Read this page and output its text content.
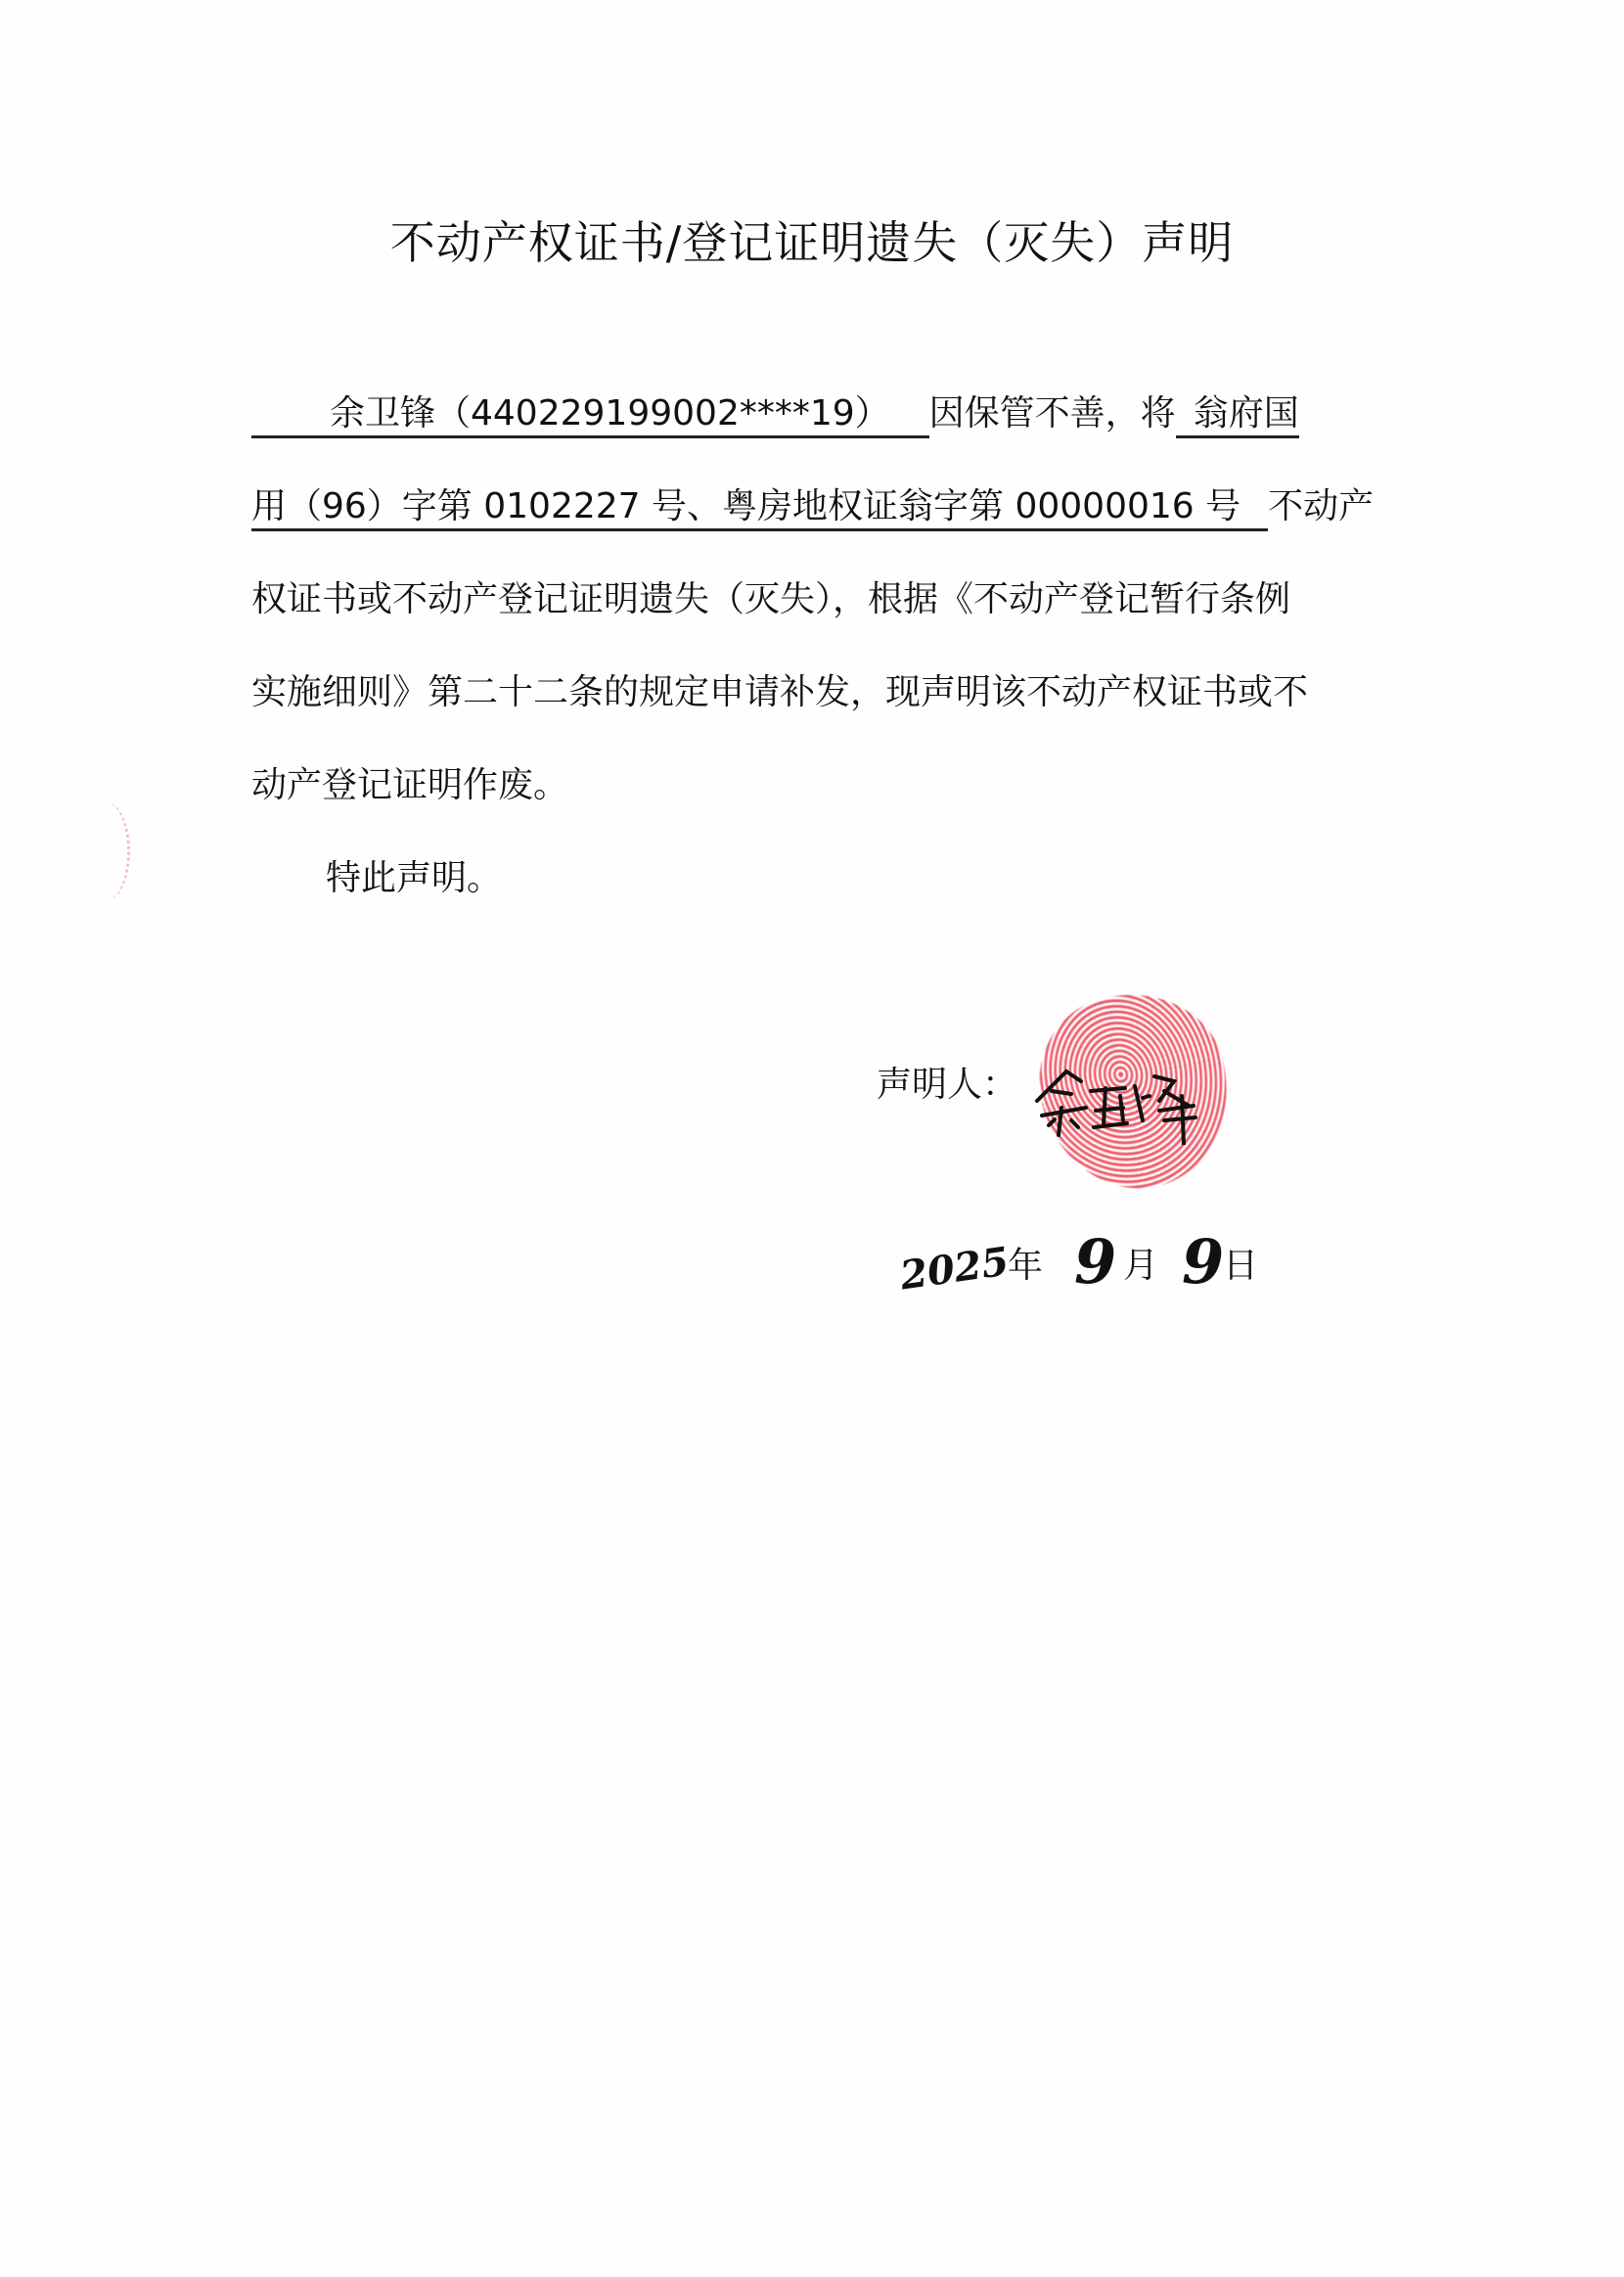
不动产权证书/登记证明遗失（灭失）声明
余卫锋（440229199002****19） 因保管不善，将 翁府国
用（96）字第 0102227 号、粤房地权证翁字第 00000016 号 不动产
权证书或不动产登记证明遗失（灭失），根据《不动产登记暂行条例
实施细则》第二十二条的规定申请补发，现声明该不动产权证书或不
动产登记证明作废。
特此声明。
声明人：
2025
年 9 月 9
日
